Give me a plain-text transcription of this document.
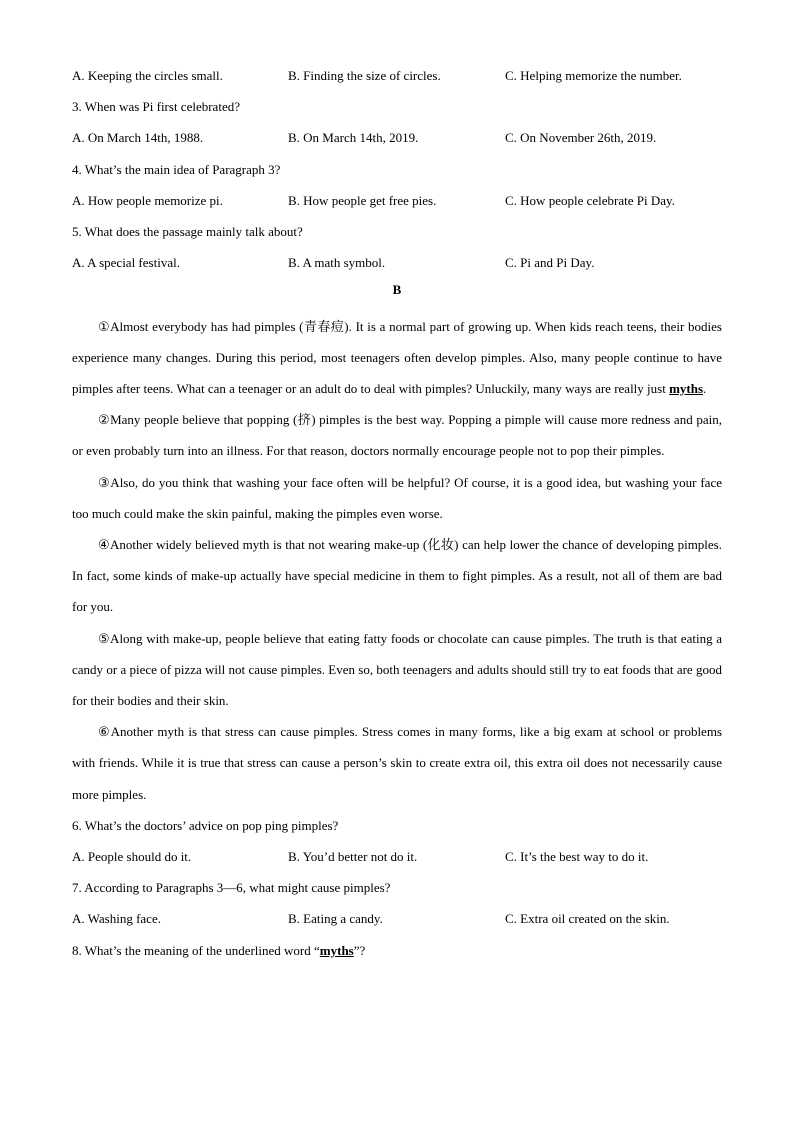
A. Keeping the circles small.	B. Finding the size of circles.	C. Helping memorize the number.
3. When was Pi first celebrated?
A. On March 14th, 1988.	B. On March 14th, 2019.	C. On November 26th, 2019.
4. What’s the main idea of Paragraph 3?
A. How people memorize pi.	B. How people get free pies.	C. How people celebrate Pi Day.
5. What does the passage mainly talk about?
A. A special festival.	B. A math symbol.	C. Pi and Pi Day.
B

①Almost everybody has had pimples (青春痘). It is a normal part of growing up. When kids reach teens, their bodies experience many changes. During this period, most teenagers often develop pimples. Also, many people continue to have pimples after teens. What can a teenager or an adult do to deal with pimples? Unluckily, many ways are really just myths.

②Many people believe that popping (挤) pimples is the best way. Popping a pimple will cause more redness and pain, or even probably turn into an illness. For that reason, doctors normally encourage people not to pop their pimples.

③Also, do you think that washing your face often will be helpful? Of course, it is a good idea, but washing your face too much could make the skin painful, making the pimples even worse.

④Another widely believed myth is that not wearing make-up (化妆) can help lower the chance of developing pimples. In fact, some kinds of make-up actually have special medicine in them to fight pimples. As a result, not all of them are bad for you.

⑤Along with make-up, people believe that eating fatty foods or chocolate can cause pimples. The truth is that eating a candy or a piece of pizza will not cause pimples. Even so, both teenagers and adults should still try to eat foods that are good for their bodies and their skin.

⑥Another myth is that stress can cause pimples. Stress comes in many forms, like a big exam at school or problems with friends. While it is true that stress can cause a person’s skin to create extra oil, this extra oil does not necessarily cause more pimples.

6. What’s the doctors’ advice on pop ping pimples?
A. People should do it.	B. You’d better not do it.	C. It’s the best way to do it.
7. According to Paragraphs 3—6, what might cause pimples?
A. Washing face.	B. Eating a candy.	C. Extra oil created on the skin.
8. What’s the meaning of the underlined word “myths”?
